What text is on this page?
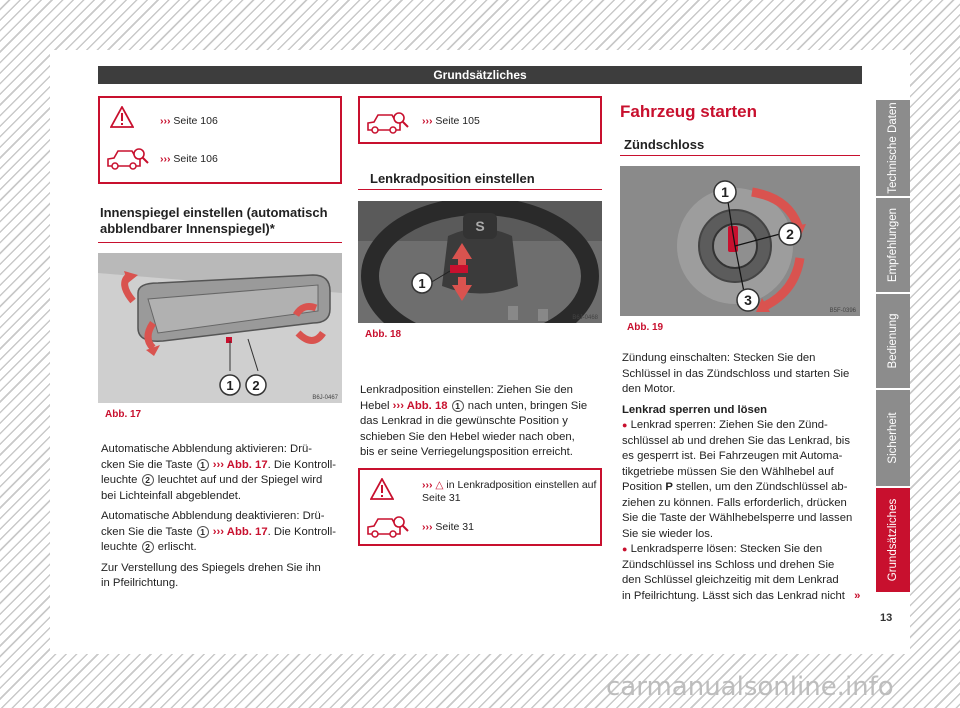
Grundsätzliches
››› Seite 106
››› Seite 106
Innenspiegel einstellen (automatisch
abblendbarer Innenspiegel)*
1 2
B6J-0467
Abb. 17
Automatische Abblendung aktivieren: Drü-
cken Sie die Taste 1 ››› Abb. 17. Die Kontroll-
leuchte 2 leuchtet auf und der Spiegel wird
bei Lichteinfall abgeblendet.
Automatische Abblendung deaktivieren: Drü-
cken Sie die Taste 1 ››› Abb. 17. Die Kontroll-
leuchte 2 erlischt.
Zur Verstellung des Spiegels drehen Sie ihn
in Pfeilrichtung.
››› Seite 105
Lenkradposition einstellen
S
1
B6J-0468
Abb. 18
Lenkradposition einstellen: Ziehen Sie den
Hebel ››› Abb. 18 1 nach unten, bringen Sie
das Lenkrad in die gewünschte Position y
schieben Sie den Hebel wieder nach oben,
bis er seine Verriegelungsposition erreicht.
››› △ in Lenkradposition einstellen auf
Seite 31
››› Seite 31
Fahrzeug starten
Zündschloss
1
2
3
B5F-0396
Abb. 19
Zündung einschalten: Stecken Sie den
Schlüssel in das Zündschloss und starten Sie
den Motor.
Lenkrad sperren und lösen
● Lenkrad sperren: Ziehen Sie den Zünd-
schlüssel ab und drehen Sie das Lenkrad, bis
es gesperrt ist. Bei Fahrzeugen mit Automa-
tikgetriebe müssen Sie den Wählhebel auf
Position P stellen, um den Zündschlüssel ab-
ziehen zu können. Falls erforderlich, drücken
Sie die Taste der Wählhebelsperre und lassen
Sie sie wieder los.
● Lenkradsperre lösen: Stecken Sie den
Zündschlüssel ins Schloss und drehen Sie
den Schlüssel gleichzeitig mit dem Lenkrad
in Pfeilrichtung. Lässt sich das Lenkrad nicht »
Technische Daten
Empfehlungen
Bedienung
Sicherheit
Grundsätzliches
13
carmanualsonline.info
